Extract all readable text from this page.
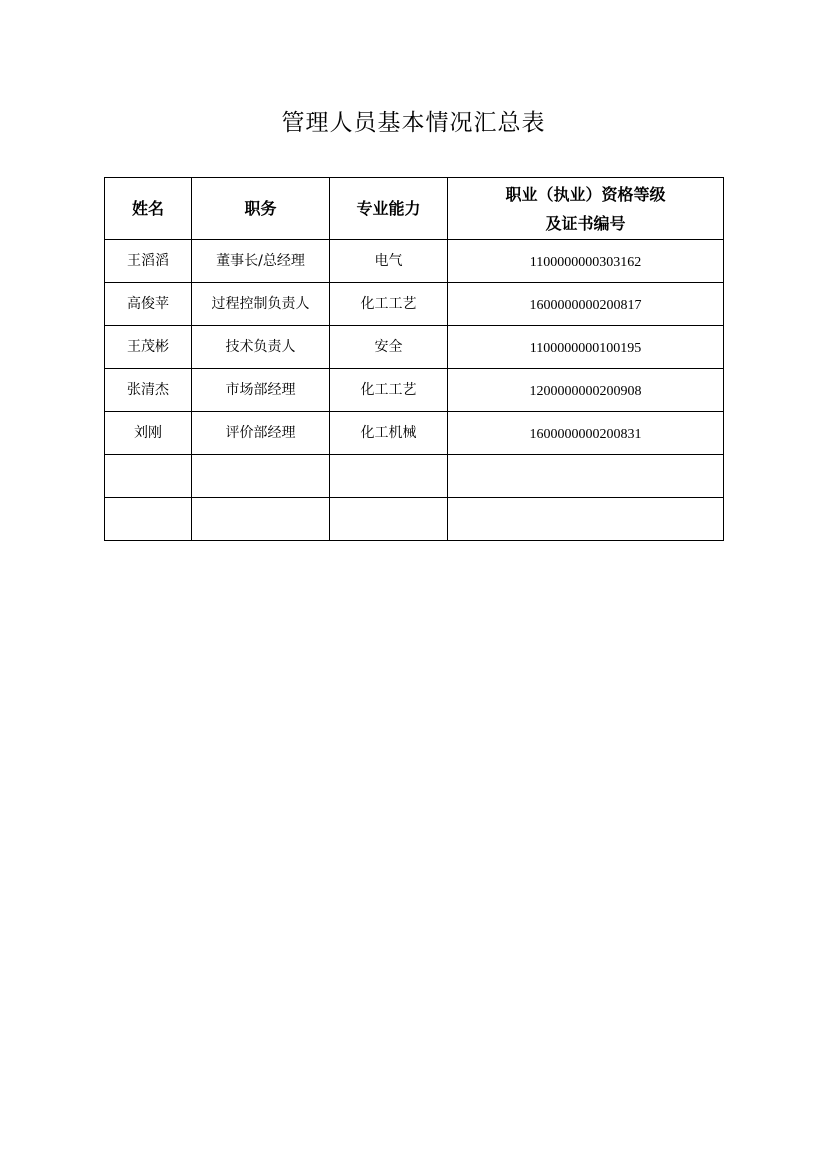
管理人员基本情况汇总表
姓名	职务	专业能力	职业（执业）资格等级
及证书编号

王滔滔	董事长/总经理	电气	1100000000303162
高俊苹	过程控制负责人	化工工艺	1600000000200817
王茂彬	技术负责人	安全	1100000000100195
张清杰	市场部经理	化工工艺	1200000000200908
刘刚	评价部经理	化工机械	1600000000200831
